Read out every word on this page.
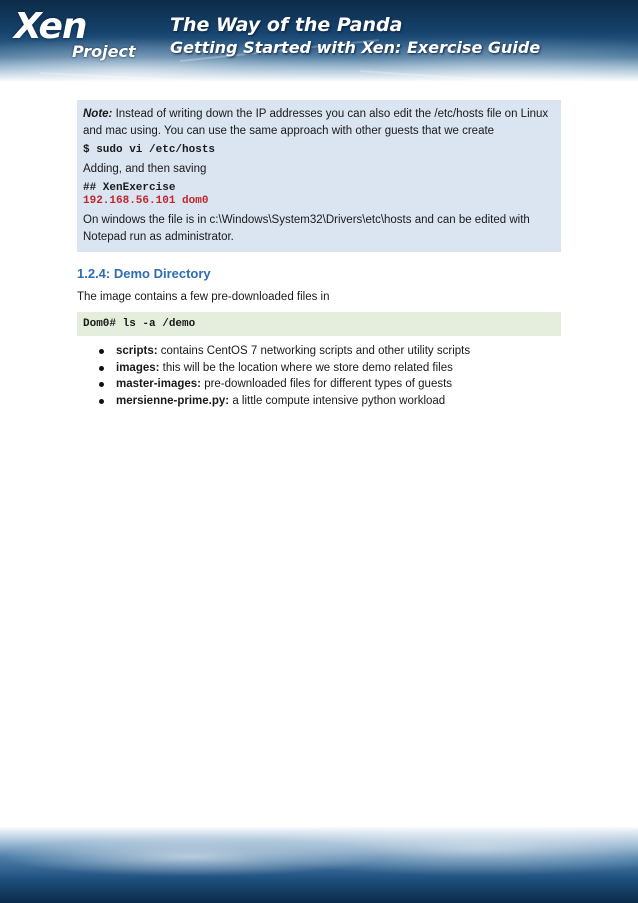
Xen
Project
The Way of the Panda
Getting Started with Xen: Exercise Guide

Note: Instead of writing down the IP addresses you can also edit the /etc/hosts file on Linux and mac using. You can use the same approach with other guests that we create

$ sudo vi /etc/hosts

Adding, and then saving

## XenExercise

192.168.56.101 dom0

On windows the file is in c:\Windows\System32\Drivers\etc\hosts and can be edited with Notepad run as administrator.

1.2.4: Demo Directory

The image contains a few pre-downloaded files in

Dom0# ls -a /demo

scripts: contains CentOS 7 networking scripts and other utility scripts
images: this will be the location where we store demo related files
master-images: pre-downloaded files for different types of guests
mersienne-prime.py: a little compute intensive python workload
